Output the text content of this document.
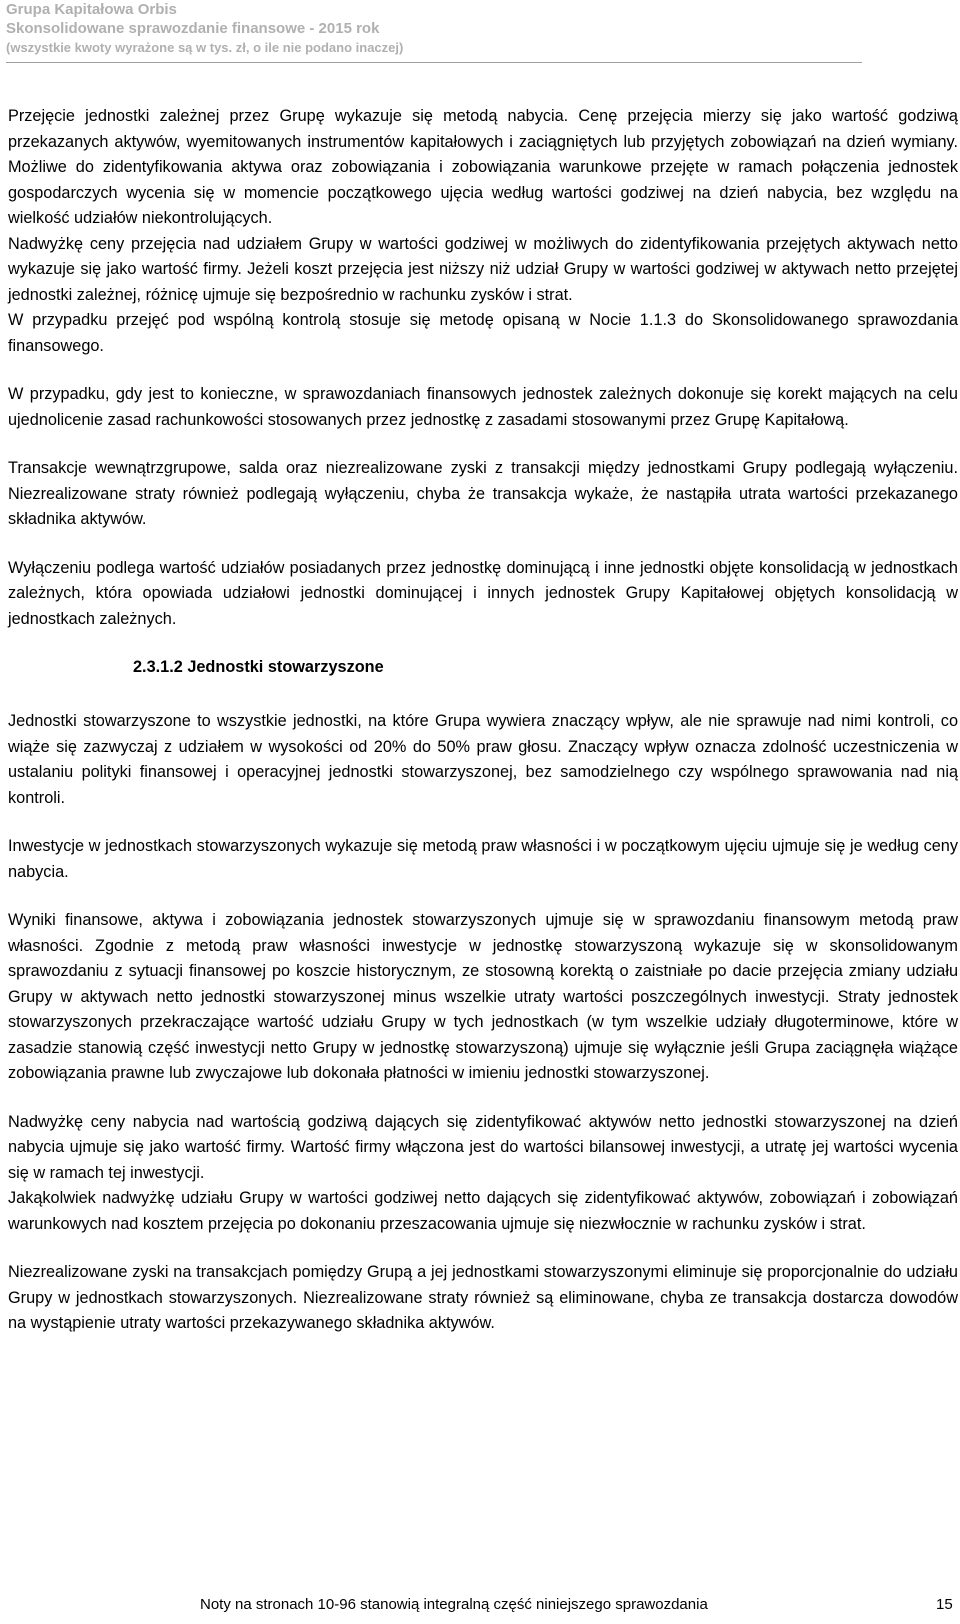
Grupa Kapitałowa Orbis

Skonsolidowane sprawozdanie finansowe - 2015 rok

(wszystkie kwoty wyrażone są w tys. zł, o ile nie podano inaczej)

Przejęcie jednostki zależnej przez Grupę wykazuje się metodą nabycia. Cenę przejęcia mierzy się jako wartość godziwą przekazanych aktywów, wyemitowanych instrumentów kapitałowych i zaciągniętych lub przyjętych zobowiązań na dzień wymiany. Możliwe do zidentyfikowania aktywa oraz zobowiązania i zobowiązania warunkowe przejęte w ramach połączenia jednostek gospodarczych wycenia się w momencie początkowego ujęcia według wartości godziwej na dzień nabycia, bez względu na wielkość udziałów niekontrolujących.

Nadwyżkę ceny przejęcia nad udziałem Grupy w wartości godziwej w możliwych do zidentyfikowania przejętych aktywach netto wykazuje się jako wartość firmy. Jeżeli koszt przejęcia jest niższy niż udział Grupy w wartości godziwej w aktywach netto przejętej jednostki zależnej, różnicę ujmuje się bezpośrednio w rachunku zysków i strat.

W przypadku przejęć pod wspólną kontrolą stosuje się metodę opisaną w Nocie 1.1.3 do Skonsolidowanego sprawozdania finansowego.

W przypadku, gdy jest to konieczne, w sprawozdaniach finansowych jednostek zależnych dokonuje się korekt mających na celu ujednolicenie zasad rachunkowości stosowanych przez jednostkę z zasadami stosowanymi przez Grupę Kapitałową.

Transakcje wewnątrzgrupowe, salda oraz niezrealizowane zyski z transakcji między jednostkami Grupy podlegają wyłączeniu. Niezrealizowane straty również podlegają wyłączeniu, chyba że transakcja wykaże, że nastąpiła utrata wartości przekazanego składnika aktywów.

Wyłączeniu podlega wartość udziałów posiadanych przez jednostkę dominującą i inne jednostki objęte konsolidacją w jednostkach zależnych, która opowiada udziałowi jednostki dominującej i innych jednostek Grupy Kapitałowej objętych konsolidacją w jednostkach zależnych.

2.3.1.2 Jednostki stowarzyszone

Jednostki stowarzyszone to wszystkie jednostki, na które Grupa wywiera znaczący wpływ, ale nie sprawuje nad nimi kontroli, co wiąże się zazwyczaj z udziałem w wysokości od 20% do 50% praw głosu. Znaczący wpływ oznacza zdolność uczestniczenia w ustalaniu polityki finansowej i operacyjnej jednostki stowarzyszonej, bez samodzielnego czy wspólnego sprawowania nad nią kontroli.

Inwestycje w jednostkach stowarzyszonych wykazuje się metodą praw własności i w początkowym ujęciu ujmuje się je według ceny nabycia.

Wyniki finansowe, aktywa i zobowiązania jednostek stowarzyszonych ujmuje się w sprawozdaniu finansowym metodą praw własności. Zgodnie z metodą praw własności inwestycje w jednostkę stowarzyszoną wykazuje się w skonsolidowanym sprawozdaniu z sytuacji finansowej po koszcie historycznym, ze stosowną korektą o zaistniałe po dacie przejęcia zmiany udziału Grupy w aktywach netto jednostki stowarzyszonej minus wszelkie utraty wartości poszczególnych inwestycji. Straty jednostek stowarzyszonych przekraczające wartość udziału Grupy w tych jednostkach (w tym wszelkie udziały długoterminowe, które w zasadzie stanowią część inwestycji netto Grupy w jednostkę stowarzyszoną) ujmuje się wyłącznie jeśli Grupa zaciągnęła wiążące zobowiązania prawne lub zwyczajowe lub dokonała płatności w imieniu jednostki stowarzyszonej.

Nadwyżkę ceny nabycia nad wartością godziwą dających się zidentyfikować aktywów netto jednostki stowarzyszonej na dzień nabycia ujmuje się jako wartość firmy. Wartość firmy włączona jest do wartości bilansowej inwestycji, a utratę jej wartości wycenia się w ramach tej inwestycji.

Jakąkolwiek nadwyżkę udziału Grupy w wartości godziwej netto dających się zidentyfikować aktywów, zobowiązań i zobowiązań warunkowych nad kosztem przejęcia po dokonaniu przeszacowania ujmuje się niezwłocznie w rachunku zysków i strat.

Niezrealizowane zyski na transakcjach pomiędzy Grupą a jej jednostkami stowarzyszonymi eliminuje się proporcjonalnie do udziału Grupy w jednostkach stowarzyszonych. Niezrealizowane straty również są eliminowane, chyba ze transakcja dostarcza dowodów na wystąpienie utraty wartości przekazywanego składnika aktywów.

Noty na stronach 10-96 stanowią integralną część niniejszego sprawozdania	15
